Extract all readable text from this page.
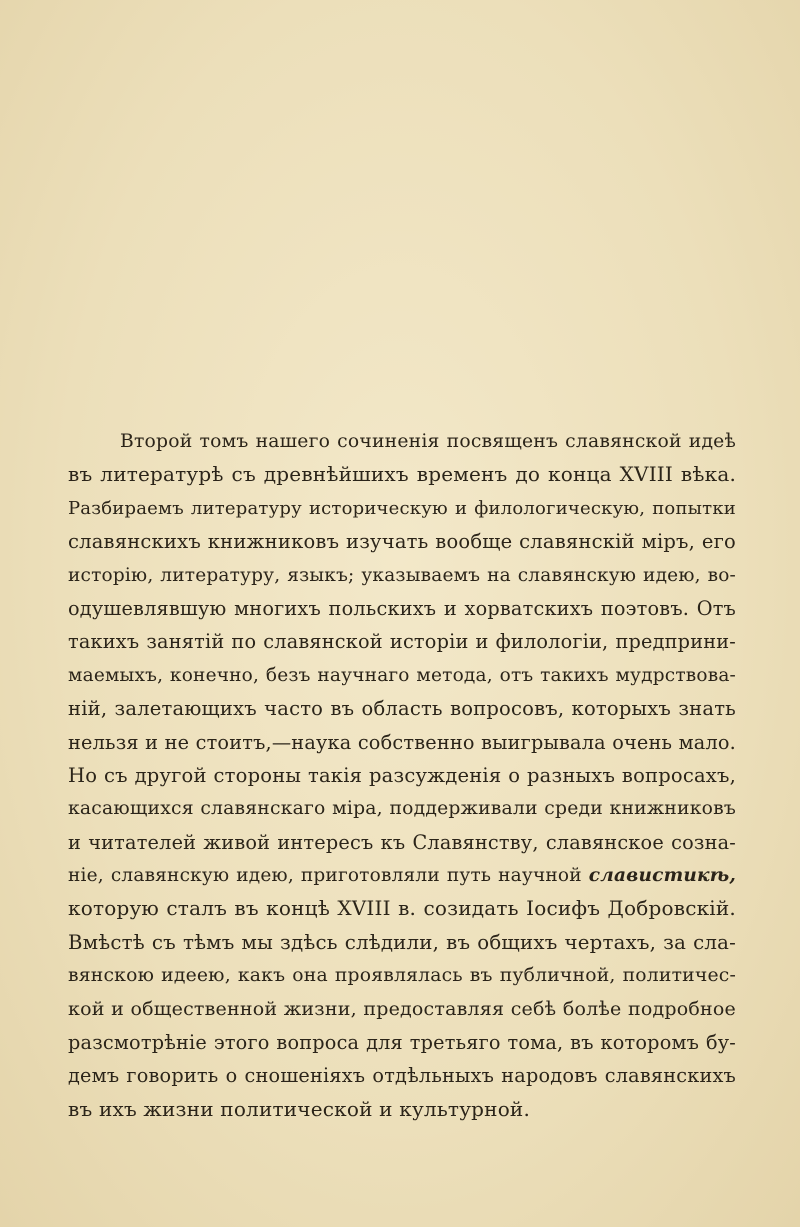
Второй томъ нашего сочиненія посвященъ славянской идеѣ
въ литературѣ съ древнѣйшихъ временъ до конца XVIII вѣка.
Разбираемъ литературу историческую и филологическую, попытки
славянскихъ книжниковъ изучать вообще славянскій міръ, его
исторію, литературу, языкъ; указываемъ на славянскую идею, во-
одушевлявшую многихъ польскихъ и хорватскихъ поэтовъ. Отъ
такихъ занятій по славянской исторіи и филологіи, предприни-
маемыхъ, конечно, безъ научнаго метода, отъ такихъ мудрствова-
ній, залетающихъ часто въ область вопросовъ, которыхъ знать
нельзя и не стоитъ,—наука собственно выигрывала очень мало.
Но съ другой стороны такія разсужденія о разныхъ вопросахъ,
касающихся славянскаго міра, поддерживали среди книжниковъ
и читателей живой интересъ къ Славянству, славянское созна-
ніе, славянскую идею, приготовляли путь научной славистикѣ,
которую сталъ въ концѣ XVIII в. созидать Іосифъ Добровскій.
Вмѣстѣ съ тѣмъ мы здѣсь слѣдили, въ общихъ чертахъ, за сла-
вянскою идеею, какъ она проявлялась въ публичной, политичес-
кой и общественной жизни, предоставляя себѣ болѣе подробное
разсмотрѣніе этого вопроса для третьяго тома, въ которомъ бу-
демъ говорить о сношеніяхъ отдѣльныхъ народовъ славянскихъ
въ ихъ жизни политической и культурной.
